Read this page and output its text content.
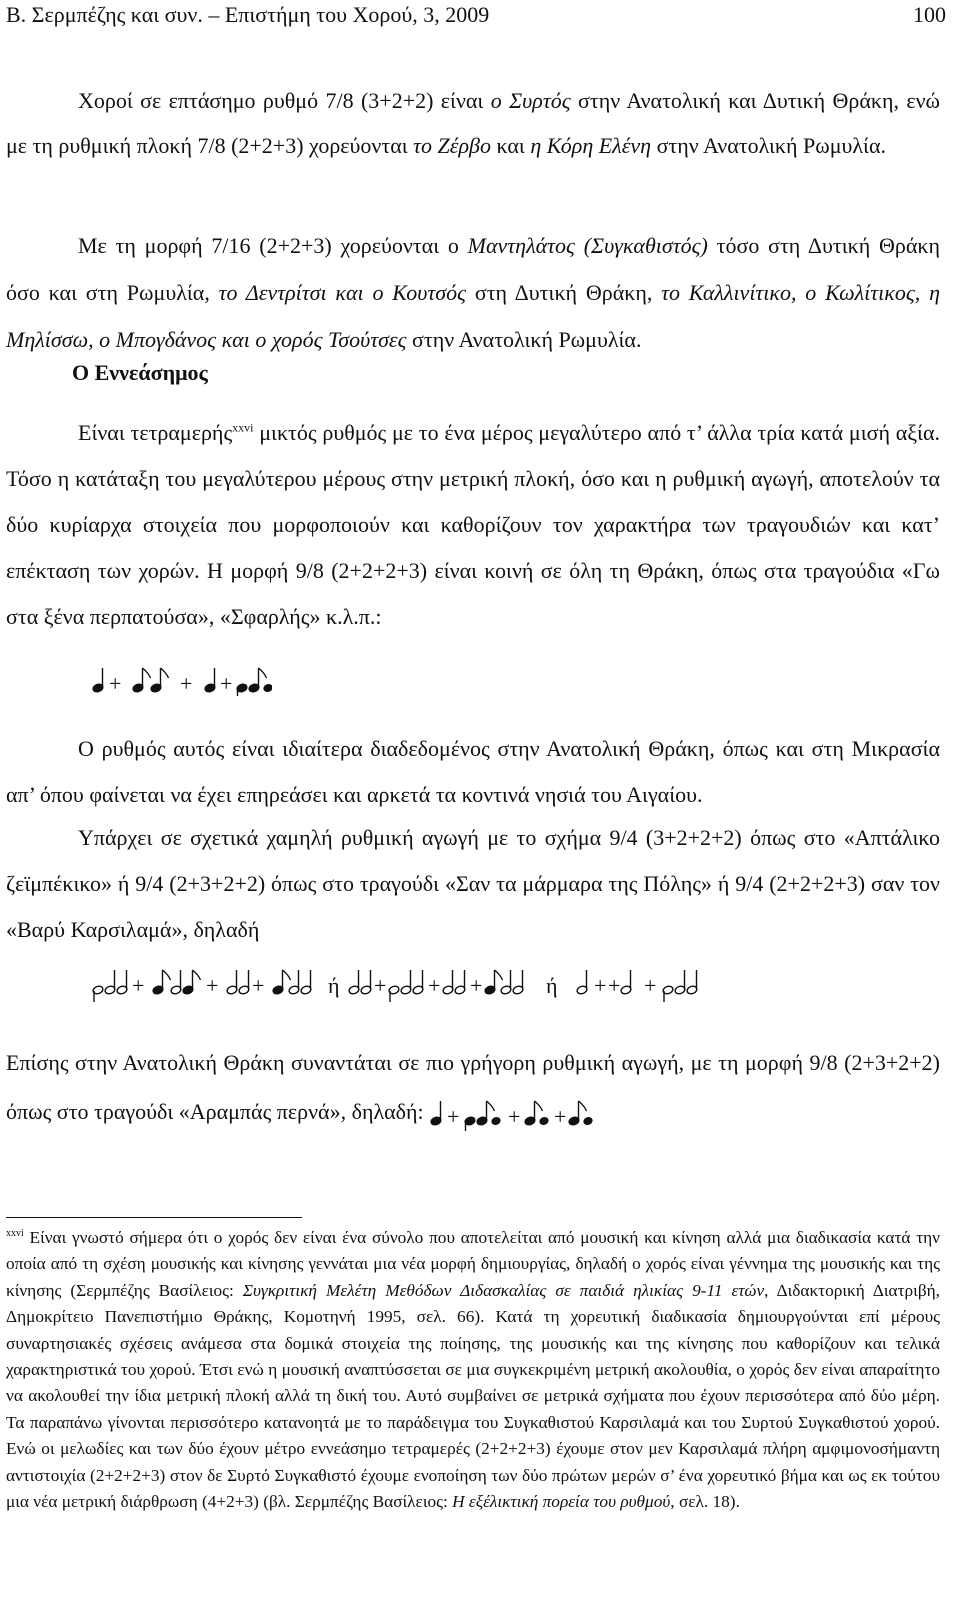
Β. Σερμπέζης και συν. – Επιστήμη του Χορού, 3, 2009	100
Χοροί σε επτάσημο ρυθμό 7/8 (3+2+2) είναι ο Συρτός στην Ανατολική και Δυτική Θράκη, ενώ με τη ρυθμική πλοκή 7/8 (2+2+3) χορεύονται το Ζέρβο και η Κόρη Ελένη στην Ανατολική Ρωμυλία.
Με τη μορφή 7/16 (2+2+3) χορεύονται ο Μαντηλάτος (Συγκαθιστός) τόσο στη Δυτική Θράκη όσο και στη Ρωμυλία, το Δεντρίτσι και ο Κουτσός στη Δυτική Θράκη, το Καλλινίτικο, ο Κωλίτικος, η Μηλίσσω, ο Μπογδάνος και ο χορός Τσούτσες στην Ανατολική Ρωμυλία.
Ο Εννεάσημος
Είναι τετραμερής$^{xxvi}$ μικτός ρυθμός με το ένα μέρος μεγαλύτερο από τ’ άλλα τρία κατά μισή αξία. Τόσο η κατάταξη του μεγαλύτερου μέρους στην μετρική πλοκή, όσο και η ρυθμική αγωγή, αποτελούν τα δύο κυρίαρχα στοιχεία που μορφοποιούν και καθορίζουν τον χαρακτήρα των τραγουδιών και κατ’ επέκταση των χορών. Η μορφή 9/8 (2+2+2+3) είναι κοινή σε όλη τη Θράκη, όπως στα τραγούδια «Γω στα ξένα περπατούσα», «Σφαρλής» κ.λ.π.:
+	+ +
Ο ρυθμός αυτός είναι ιδιαίτερα διαδεδομένος στην Ανατολική Θράκη, όπως και στη Μικρασία απ’ όπου φαίνεται να έχει επηρεάσει και αρκετά τα κοντινά νησιά του Αιγαίου.
Υπάρχει σε σχετικά χαμηλή ρυθμική αγωγή με το σχήμα 9/4 (3+2+2+2) όπως στο «Απτάλικο ζεϊμπέκικο» ή 9/4 (2+3+2+2) όπως στο τραγούδι «Σαν τα μάρμαρα της Πόλης» ή 9/4 (2+2+2+3) σαν τον «Βαρύ Καρσιλαμά», δηλαδή
+	+ +	ή + + +	ή + + +
Επίσης στην Ανατολική Θράκη συναντάται σε πιο γρήγορη ρυθμική αγωγή, με τη μορφή 9/8 (2+3+2+2) όπως στο τραγούδι «Αραμπάς περνά», δηλαδή: + + +
$^{xxvi}$ Είναι γνωστό σήμερα ότι ο χορός δεν είναι ένα σύνολο που αποτελείται από μουσική και κίνηση αλλά μια διαδικασία κατά την οποία από τη σχέση μουσικής και κίνησης γεννάται μια νέα μορφή δημιουργίας, δηλαδή ο χορός είναι γέννημα της μουσικής και της κίνησης (Σερμπέζης Βασίλειος: Συγκριτική Μελέτη Μεθόδων Διδασκαλίας σε παιδιά ηλικίας 9-11 ετών, Διδακτορική Διατριβή, Δημοκρίτειο Πανεπιστήμιο Θράκης, Κομοτηνή 1995, σελ. 66). Κατά τη χορευτική διαδικασία δημιουργούνται επί μέρους συναρτησιακές σχέσεις ανάμεσα στα δομικά στοιχεία της ποίησης, της μουσικής και της κίνησης που καθορίζουν και τελικά χαρακτηριστικά του χορού. Έτσι ενώ η μουσική αναπτύσσεται σε μια συγκεκριμένη μετρική ακολουθία, ο χορός δεν είναι απαραίτητο να ακολουθεί την ίδια μετρική πλοκή αλλά τη δική του. Αυτό συμβαίνει σε μετρικά σχήματα που έχουν περισσότερα από δύο μέρη. Τα παραπάνω γίνονται περισσότερο κατανοητά με το παράδειγμα του Συγκαθιστού Καρσιλαμά και του Συρτού Συγκαθιστού χορού. Ενώ οι μελωδίες και των δύο έχουν μέτρο εννεάσημο τετραμερές (2+2+2+3) έχουμε στον μεν Καρσιλαμά πλήρη αμφιμονοσήμαντη αντιστοιχία (2+2+2+3) στον δε Συρτό Συγκαθιστό έχουμε ενοποίηση των δύο πρώτων μερών σ’ ένα χορευτικό βήμα και ως εκ τούτου μια νέα μετρική διάρθρωση (4+2+3) (βλ. Σερμπέζης Βασίλειος: Η εξέλικτική πορεία του ρυθμού, σελ. 18).
